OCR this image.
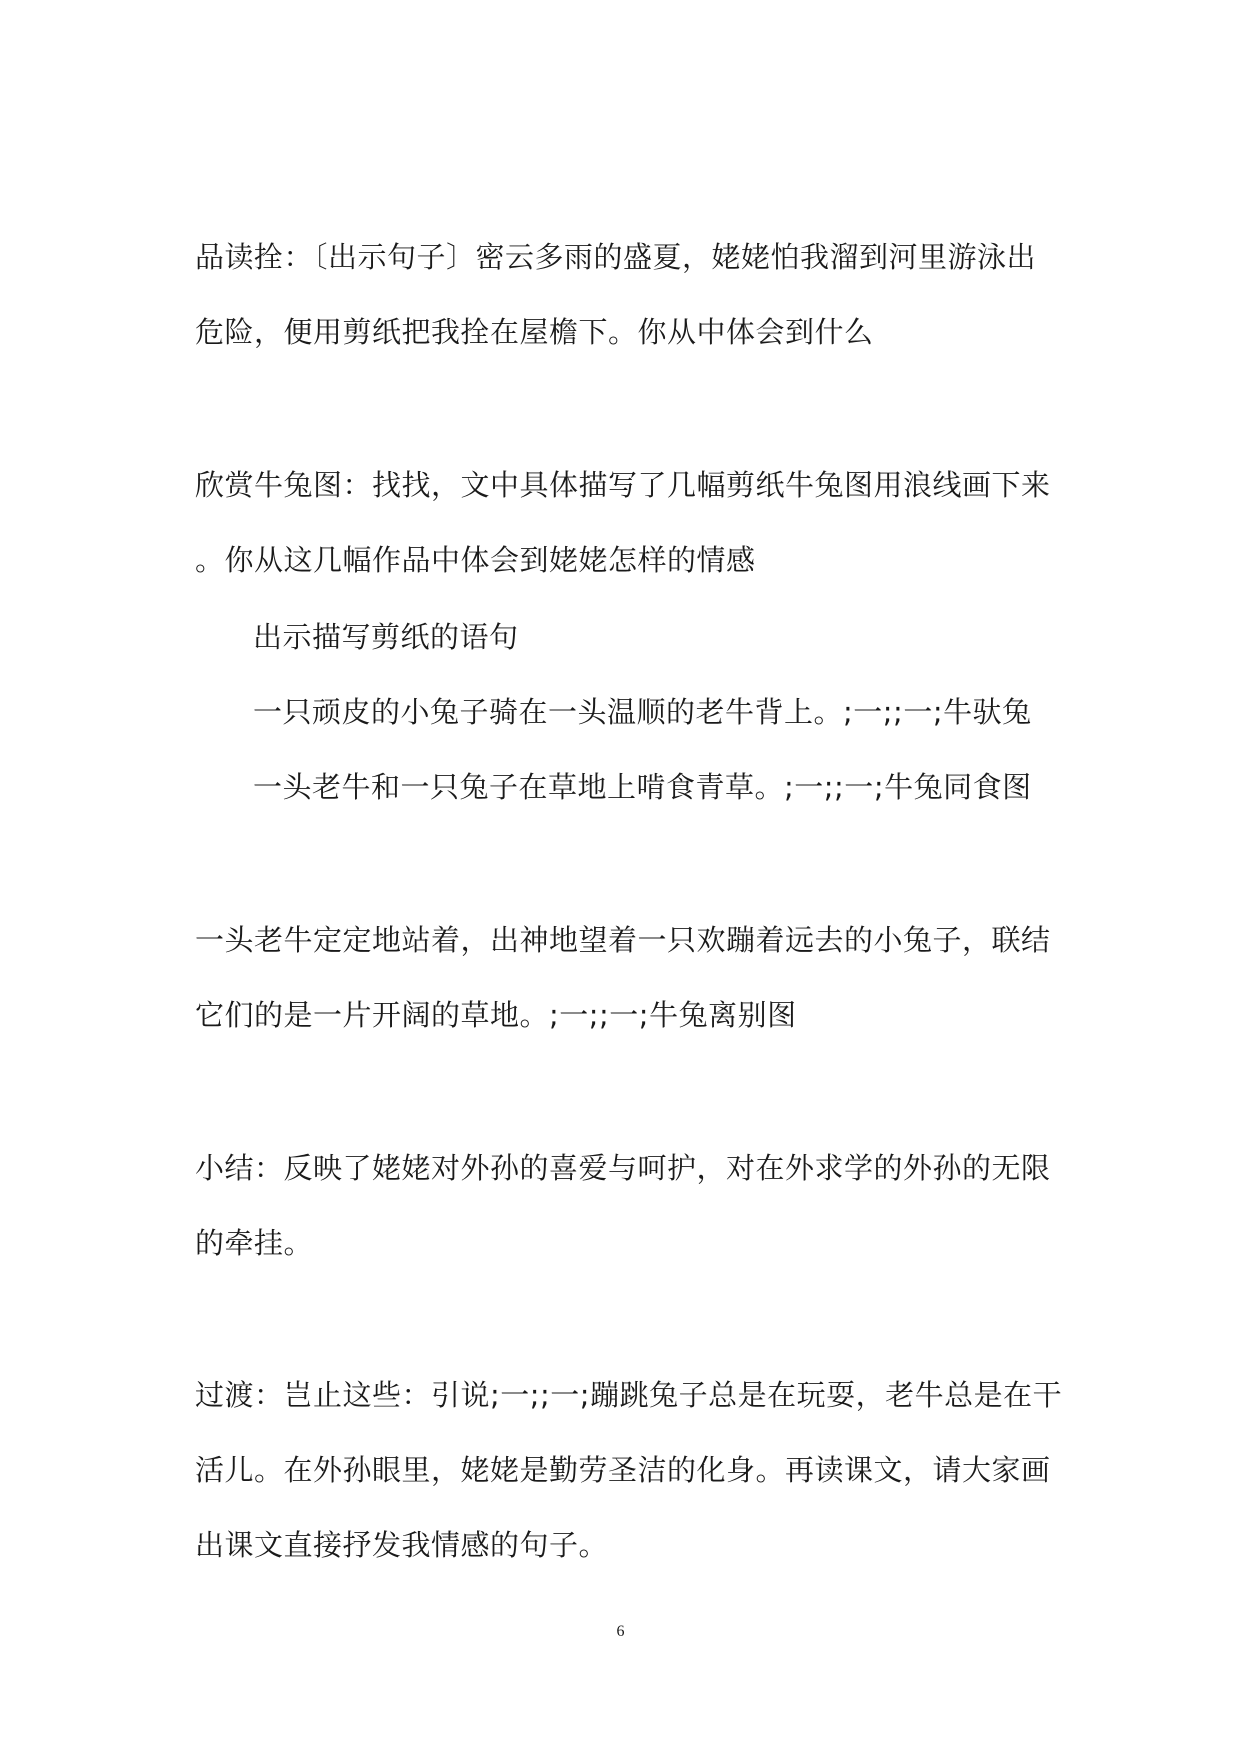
品读拴：〔出示句子〕密云多雨的盛夏，姥姥怕我溜到河里游泳出
危险，便用剪纸把我拴在屋檐下。你从中体会到什么
欣赏牛兔图：找找，文中具体描写了几幅剪纸牛兔图用浪线画下来
。你从这几幅作品中体会到姥姥怎样的情感
出示描写剪纸的语句
一只顽皮的小兔子骑在一头温顺的老牛背上。;一;;一;牛驮兔
一头老牛和一只兔子在草地上啃食青草。;一;;一;牛兔同食图
一头老牛定定地站着，出神地望着一只欢蹦着远去的小兔子，联结
它们的是一片开阔的草地。;一;;一;牛兔离别图
小结：反映了姥姥对外孙的喜爱与呵护，对在外求学的外孙的无限
的牵挂。
过渡：岂止这些：引说;一;;一;蹦跳兔子总是在玩耍，老牛总是在干
活儿。在外孙眼里，姥姥是勤劳圣洁的化身。再读课文，请大家画
出课文直接抒发我情感的句子。
6
